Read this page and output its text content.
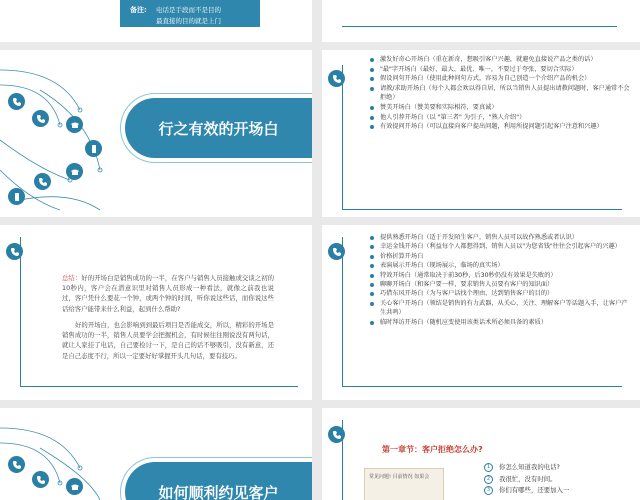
备注: 电话是手段而不是目的
最直接的目的就是上门
行之有效的开场白
激发好奇心开场白（重在新奇，想吸引客户兴趣，就避免直接说产品之类的话）
"最"字开场白（最好、最大、最优、唯一，不要过于夸张，要切合实际）
假设问句开场白（使用此种问句方式，容易为自己创造一个介绍产品的机会）
请教/求助开场白（每个人都会欢以得自居，所以当销售人员提出请教问题时，客户通常不会拒绝）
赞美开场白（赞美要和实际相符，要真诚）
他人引荐开场白（以 "第三者" 为引子，"熟人介绍"）
有效提问开场白（可以直接向客户提出问题，利用所提问题引起客户注意和兴趣）
总结：好的开场白是销售成功的一半，在客户与销售人员接触或交谈之初的10秒内，客户会在潜意识里对销售人员形成一种看法，就像之前我也说过，客户凭什么要花一个钟，或两个钟的时间，听你说这些话，而你说这些话给客户能带来什么利益，起到什么帮助?
好的开场白，也会影响到到最后项目是否能成交，所以，精彩的开场是销售成功的一半，销售人员要学会把握机会，有时候往往刚说没有两句话，就让人家挂了电话，自己要检讨一下，是自己的话不够吸引，没有新意，还是自己态度不行，所以一定要好好掌握开头几句话，要有技巧。
提供熟悉开场白（适于开发陌生客户，销售人员可以故作熟悉或者认识）
幸运金钱开场白（利益每个人都想得到，销售人员以"为您省钱"往往会引起客户的兴趣）
价格折算开场白
表演展示开场白（现场展示，临场的真实场）
特效开场白（通常取决于前30秒，后30秒仍没有效果是失败的）
聊聊开场白（和客户要一样，要求销售人员要有客户的知识面）
巧借东风开场白（为与客户话找个理由，达到销售客户的目的）
关心客户开场白（领结是销售的有力武器，从关心、关注、理解客户等话题入手，让客户产生共鸣）
临时拜访开场白（随机应变使用该类话术所必须具备的素质）
如何顺利约见客户
第一章节：客户拒绝怎么办?
常见问题! 目前情况 如果会
1	你怎么知道我的电话?
2	我很忙，没有时间。
3	你们有哪些，还要加入一
